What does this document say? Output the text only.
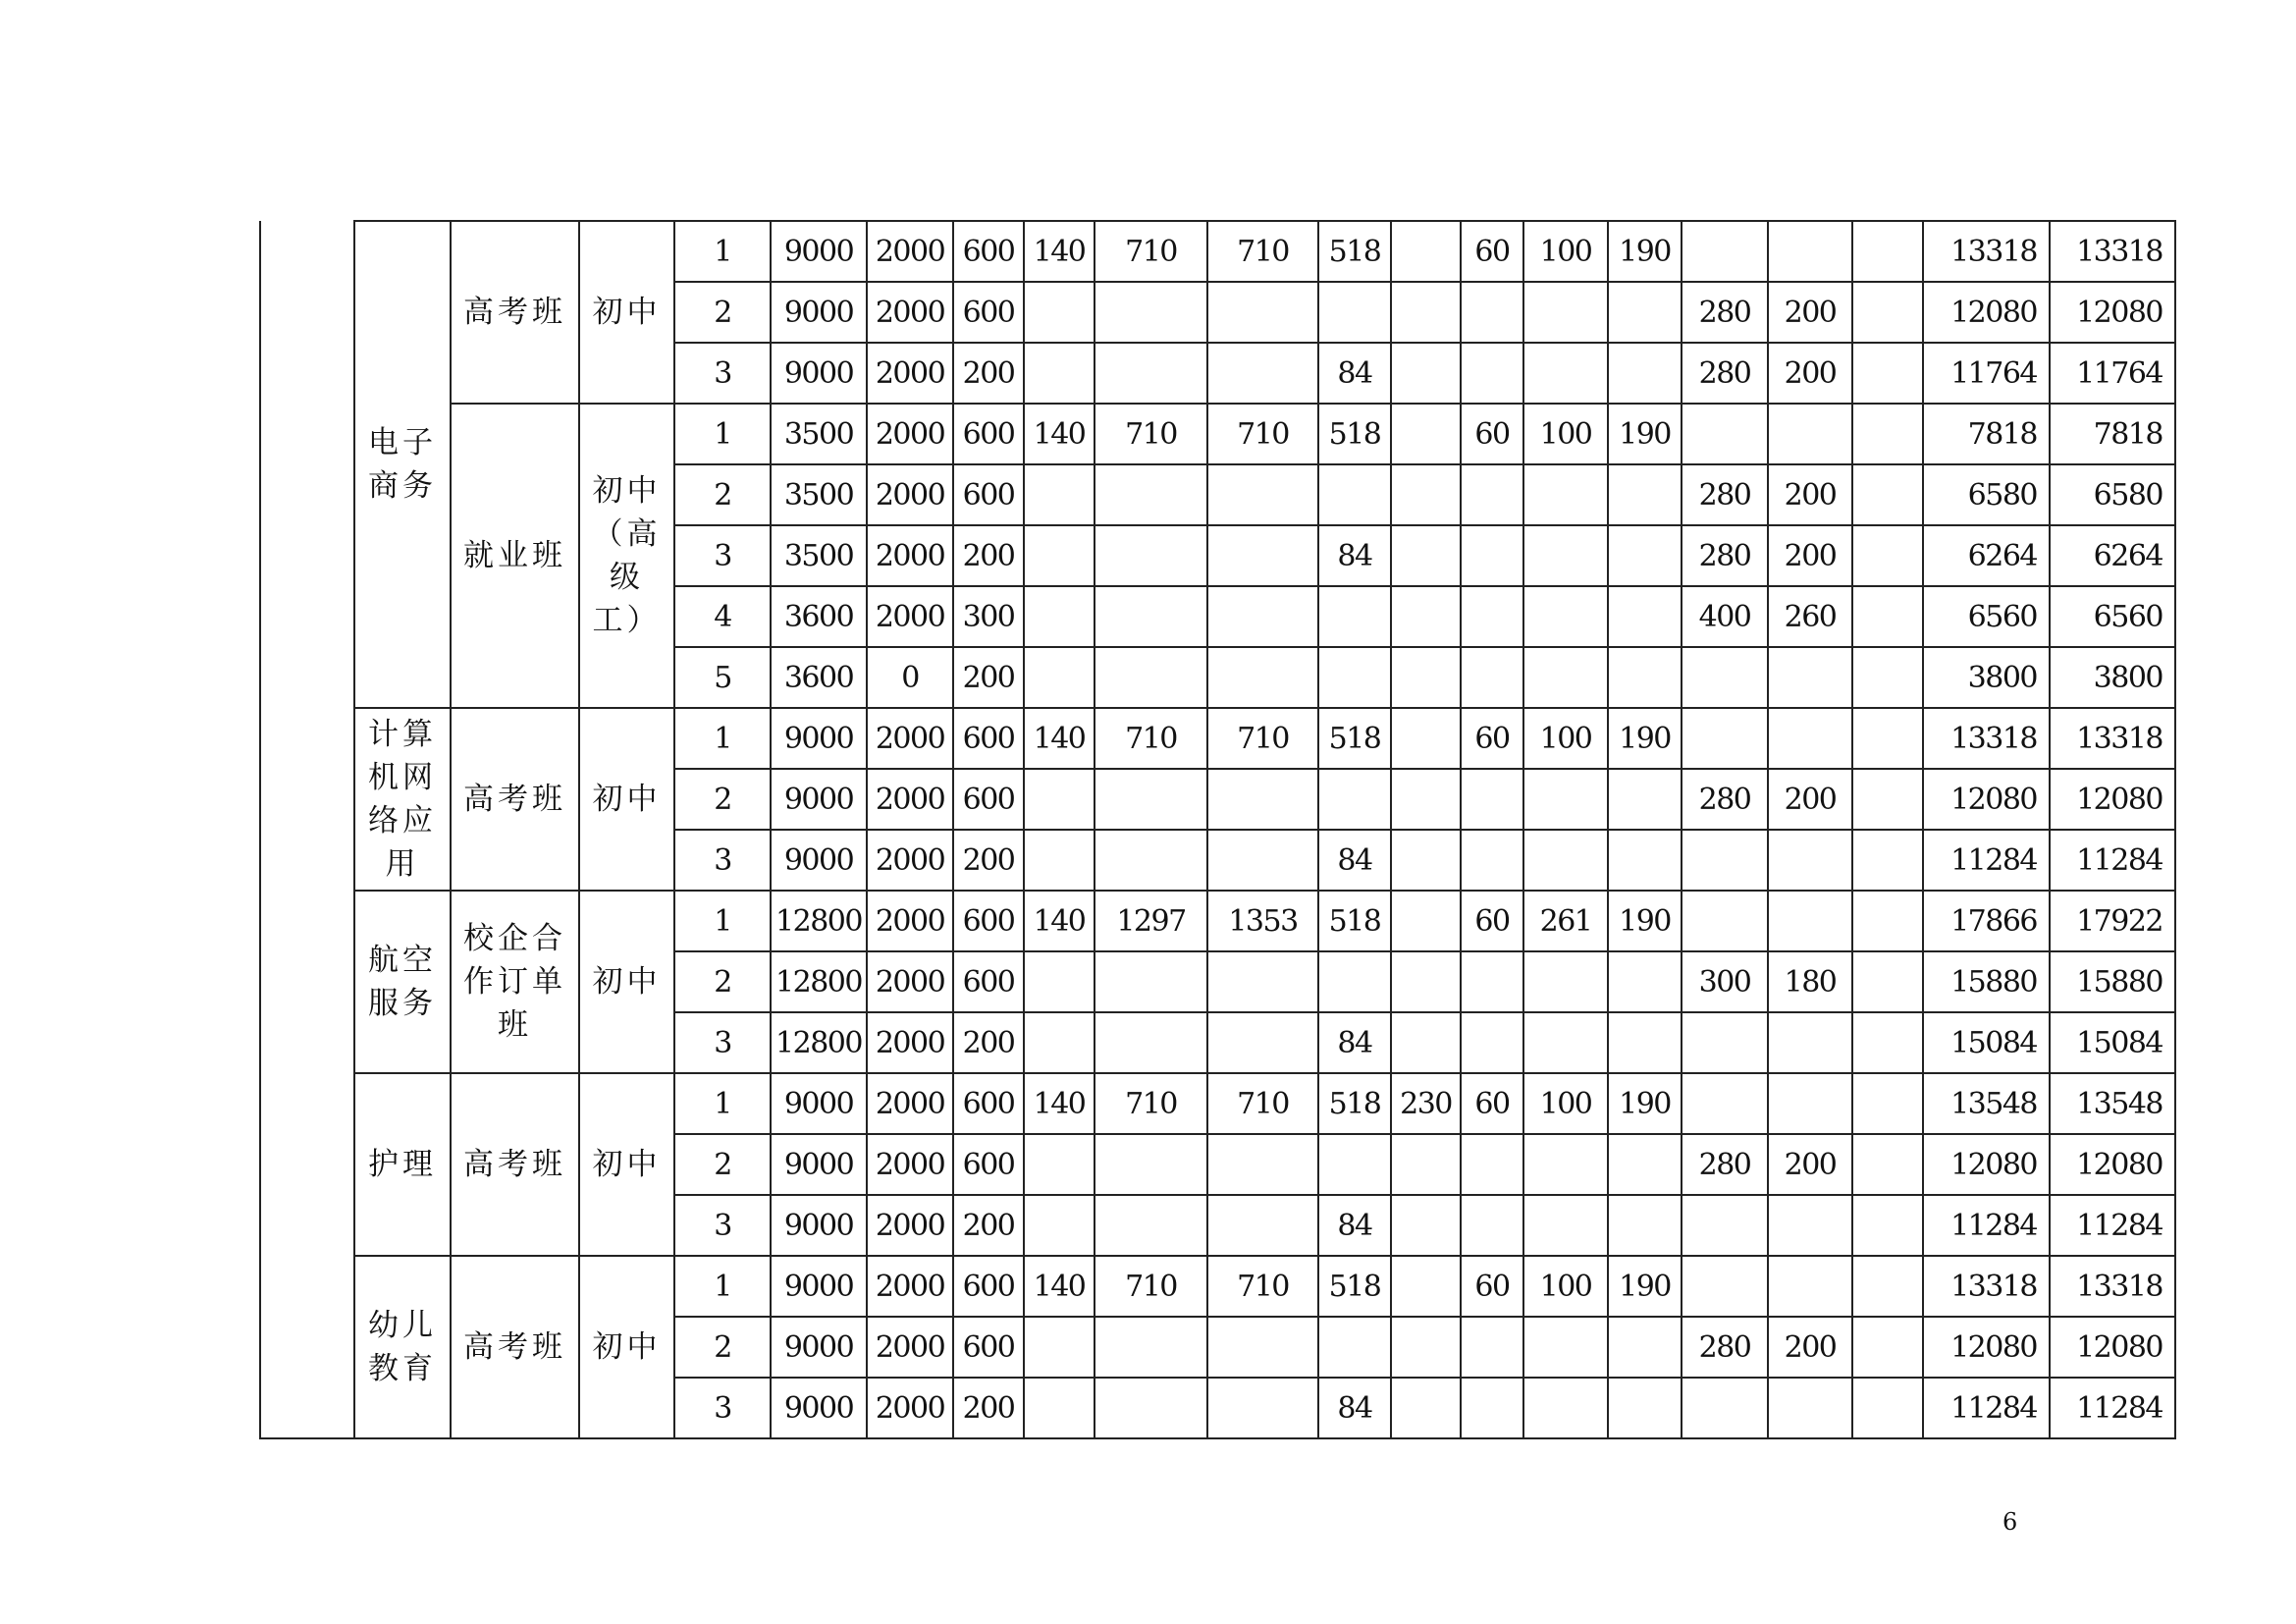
	电子商务	高考班	初中	1	9000	2000	600	140	710	710	518		60	100	190				13318	13318
				2	9000	2000	600									280	200		12080	12080
				3	9000	2000	200				84					280	200		11764	11764
		就业班	初中（高级工）	1	3500	2000	600	140	710	710	518		60	100	190				7818	7818
				2	3500	2000	600									280	200		6580	6580
				3	3500	2000	200				84					280	200		6264	6264
				4	3600	2000	300									400	260		6560	6560
				5	3600	0	200												3800	3800
	计算机网络应用	高考班	初中	1	9000	2000	600	140	710	710	518		60	100	190				13318	13318
				2	9000	2000	600									280	200		12080	12080
				3	9000	2000	200				84								11284	11284
	航空服务	校企合作订单班	初中	1	12800	2000	600	140	1297	1353	518		60	261	190				17866	17922
				2	12800	2000	600									300	180		15880	15880
				3	12800	2000	200				84								15084	15084
	护理	高考班	初中	1	9000	2000	600	140	710	710	518	230	60	100	190				13548	13548
				2	9000	2000	600									280	200		12080	12080
				3	9000	2000	200				84								11284	11284
	幼儿教育	高考班	初中	1	9000	2000	600	140	710	710	518		60	100	190				13318	13318
				2	9000	2000	600									280	200		12080	12080
				3	9000	2000	200				84								11284	11284
6
